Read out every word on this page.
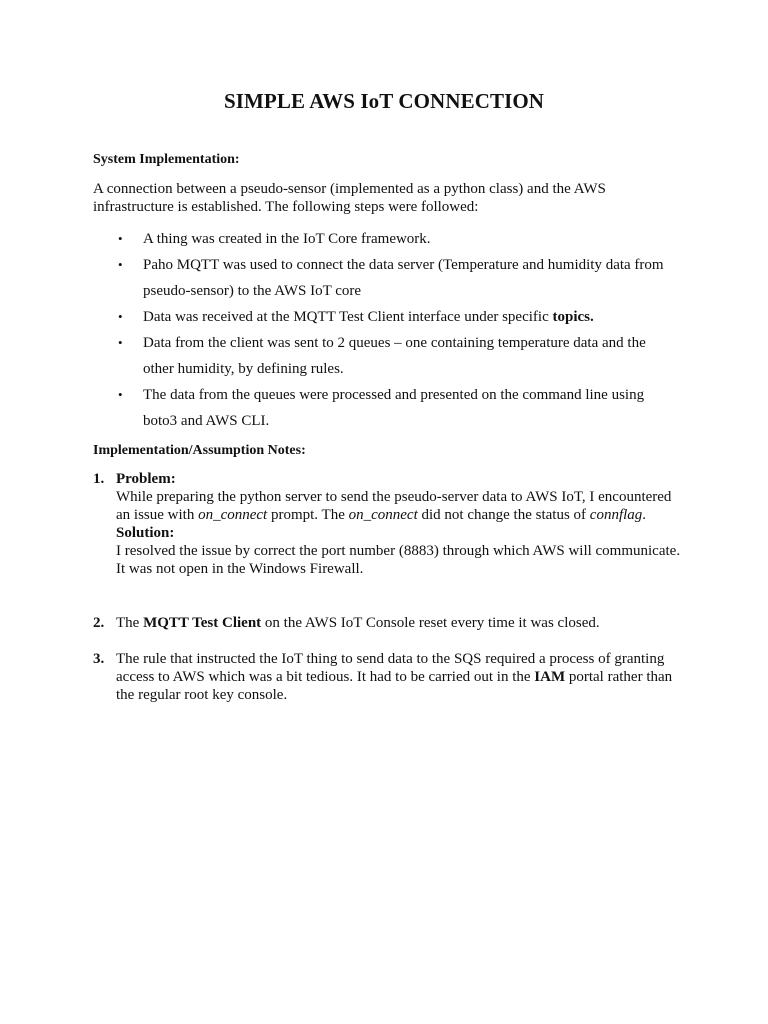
SIMPLE AWS IoT CONNECTION
System Implementation:
A connection between a pseudo-sensor (implemented as a python class) and the AWS infrastructure is established. The following steps were followed:
• A thing was created in the IoT Core framework.
• Paho MQTT was used to connect the data server (Temperature and humidity data from pseudo-sensor) to the AWS IoT core
• Data was received at the MQTT Test Client interface under specific topics.
• Data from the client was sent to 2 queues – one containing temperature data and the other humidity, by defining rules.
• The data from the queues were processed and presented on the command line using boto3 and AWS CLI.
Implementation/Assumption Notes:
1. Problem:
While preparing the python server to send the pseudo-server data to AWS IoT, I encountered an issue with on_connect prompt. The on_connect did not change the status of connflag.
Solution:
I resolved the issue by correct the port number (8883) through which AWS will communicate. It was not open in the Windows Firewall.
2. The MQTT Test Client on the AWS IoT Console reset every time it was closed.
3. The rule that instructed the IoT thing to send data to the SQS required a process of granting access to AWS which was a bit tedious. It had to be carried out in the IAM portal rather than the regular root key console.
